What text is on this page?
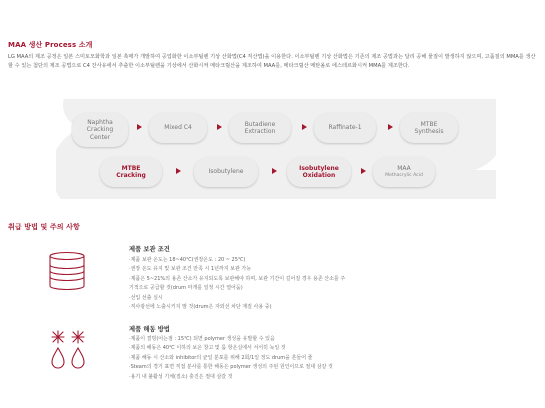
MAA 생산 Process 소개
LG MAA의 제조 공정은 일본 스미토모화학과 일본 촉매가 개발하여 공업화한 이소부틸렌 기상 산화법(C4 직산법)을 이용한다. 이소부틸렌 기상 산화법은 기존의 제조 공법과는 달리 공해 물질이 발생하지 않으며, 고품질의 MMA를 생산 할 수 있는 첨단의 제조 공법으로 C4 잔사유에서 추출한 이소부틸렌을 기상에서 산화시켜 메타크릴산을 제조하여 MAA를, 메타크릴산 메탄올로 에스테르화시켜 MMA를 제조한다.
Naphtha
Cracking
Center
Mixed C4
Butadiene
Extraction
Raffinate-1
MTBE
Synthesis
MTBE
Cracking
Isobutylene
Isobutylene
Oxidation

MAA

Methacrylic Acid

취급 방법 및 주의 사항
제품 보관 조건
·제품 보관 온도는 18~40℃(권장온도 : 20 ~ 25℃)
·권장 온도 유지 및 보관 조건 만족 시 1년까지 보관 가능
·제품은 5~21%의 용존 산소가 유지되도록 보관해야 하며, 보관 기간이 길어질 경우 용존 산소를 주
기적으로 공급할 것(drum 마개를 일정 시간 열어둠)
·선입 선출 실시
·직사광선에 노출시키지 말 것(drum은 자외선 차단 재질 사용 중)
제품 해동 방법
·제품이 결빙(어는점 : 15℃) 되면 polymer 생성을 유발할 수 있음
·제품의 해동은 40℃ 이하의 보온 창고 및 룸 항온실에서 서서히 녹일 것
·제품 해동 시 산소와 inhibitor의 균일 분포를 위해 2회/1일 정도 drum을 흔들어 줄
·Steam의 경기 표면 직접 분사를 통한 해동은 polymer 생성의 주된 원인이므로 절대 삼갈 것
·용기 내 불활성 기체(질소) 충진은 절대 삼갈 것
